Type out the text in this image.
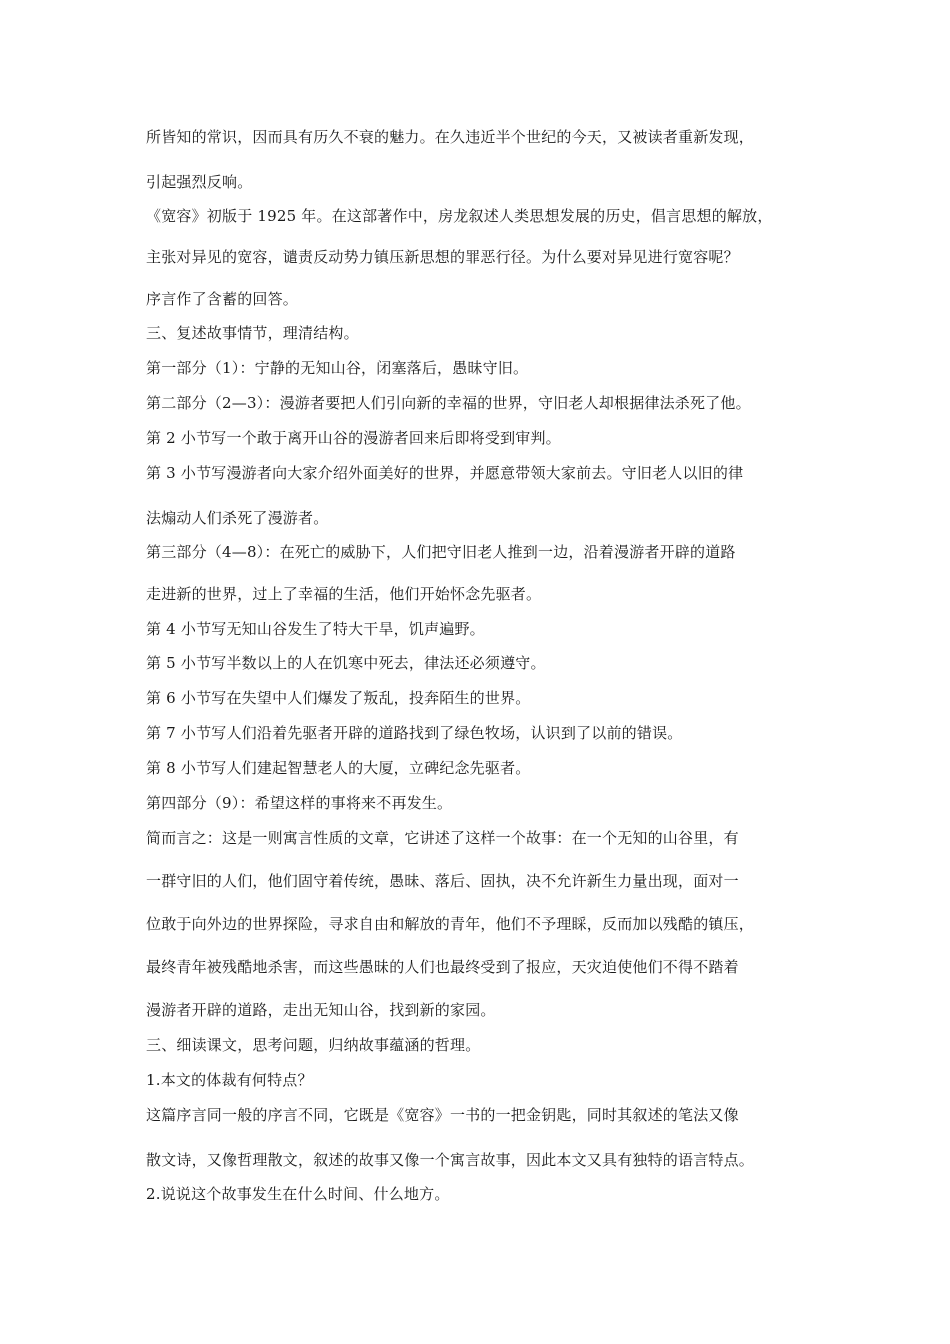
所皆知的常识，因而具有历久不衰的魅力。在久违近半个世纪的今天，又被读者重新发现，
引起强烈反响。
《宽容》初版于 1925 年。在这部著作中，房龙叙述人类思想发展的历史，倡言思想的解放，
主张对异见的宽容，谴责反动势力镇压新思想的罪恶行径。为什么要对异见进行宽容呢？
序言作了含蓄的回答。
三、复述故事情节，理清结构。
第一部分（1）：宁静的无知山谷，闭塞落后，愚昧守旧。
第二部分（2—3）：漫游者要把人们引向新的幸福的世界，守旧老人却根据律法杀死了他。
第 2 小节写一个敢于离开山谷的漫游者回来后即将受到审判。
第 3 小节写漫游者向大家介绍外面美好的世界，并愿意带领大家前去。守旧老人以旧的律
法煽动人们杀死了漫游者。
第三部分（4—8）：在死亡的威胁下，人们把守旧老人推到一边，沿着漫游者开辟的道路
走进新的世界，过上了幸福的生活，他们开始怀念先驱者。
第 4 小节写无知山谷发生了特大干旱，饥声遍野。
第 5 小节写半数以上的人在饥寒中死去，律法还必须遵守。
第 6 小节写在失望中人们爆发了叛乱，投奔陌生的世界。
第 7 小节写人们沿着先驱者开辟的道路找到了绿色牧场，认识到了以前的错误。
第 8 小节写人们建起智慧老人的大厦，立碑纪念先驱者。
第四部分（9）：希望这样的事将来不再发生。
简而言之：这是一则寓言性质的文章，它讲述了这样一个故事：在一个无知的山谷里，有
一群守旧的人们，他们固守着传统，愚昧、落后、固执，决不允许新生力量出现，面对一
位敢于向外边的世界探险，寻求自由和解放的青年，他们不予理睬，反而加以残酷的镇压，
最终青年被残酷地杀害，而这些愚昧的人们也最终受到了报应，天灾迫使他们不得不踏着
漫游者开辟的道路，走出无知山谷，找到新的家园。
三、细读课文，思考问题，归纳故事蕴涵的哲理。
1.本文的体裁有何特点？
这篇序言同一般的序言不同，它既是《宽容》一书的一把金钥匙，同时其叙述的笔法又像
散文诗，又像哲理散文，叙述的故事又像一个寓言故事，因此本文又具有独特的语言特点。
2.说说这个故事发生在什么时间、什么地方。
